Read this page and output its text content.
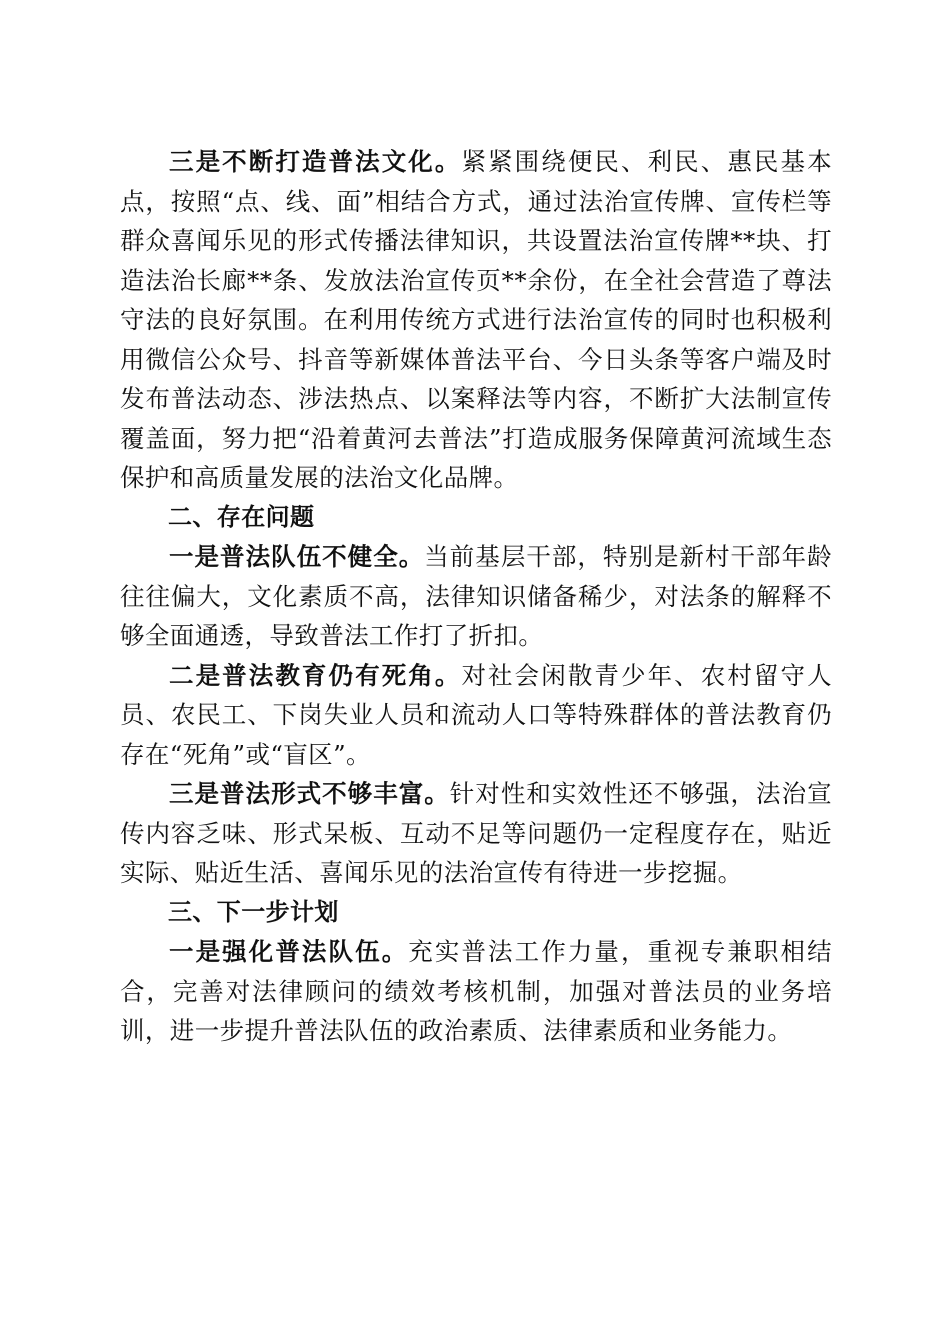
三是不断打造普法文化。紧紧围绕便民、利民、惠民基本点，按照“点、线、面”相结合方式，通过法治宣传牌、宣传栏等群众喜闻乐见的形式传播法律知识，共设置法治宣传牌**块、打造法治长廊**条、发放法治宣传页**余份，在全社会营造了尊法守法的良好氛围。在利用传统方式进行法治宣传的同时也积极利用微信公众号、抖音等新媒体普法平台、今日头条等客户端及时发布普法动态、涉法热点、以案释法等内容，不断扩大法制宣传覆盖面，努力把“沿着黄河去普法”打造成服务保障黄河流域生态保护和高质量发展的法治文化品牌。

二、存在问题

一是普法队伍不健全。当前基层干部，特别是新村干部年龄往往偏大，文化素质不高，法律知识储备稀少，对法条的解释不够全面通透，导致普法工作打了折扣。

二是普法教育仍有死角。对社会闲散青少年、农村留守人员、农民工、下岗失业人员和流动人口等特殊群体的普法教育仍存在“死角”或“盲区”。

三是普法形式不够丰富。针对性和实效性还不够强，法治宣传内容乏味、形式呆板、互动不足等问题仍一定程度存在，贴近实际、贴近生活、喜闻乐见的法治宣传有待进一步挖掘。

三、下一步计划

一是强化普法队伍。充实普法工作力量，重视专兼职相结合，完善对法律顾问的绩效考核机制，加强对普法员的业务培训，进一步提升普法队伍的政治素质、法律素质和业务能力。
